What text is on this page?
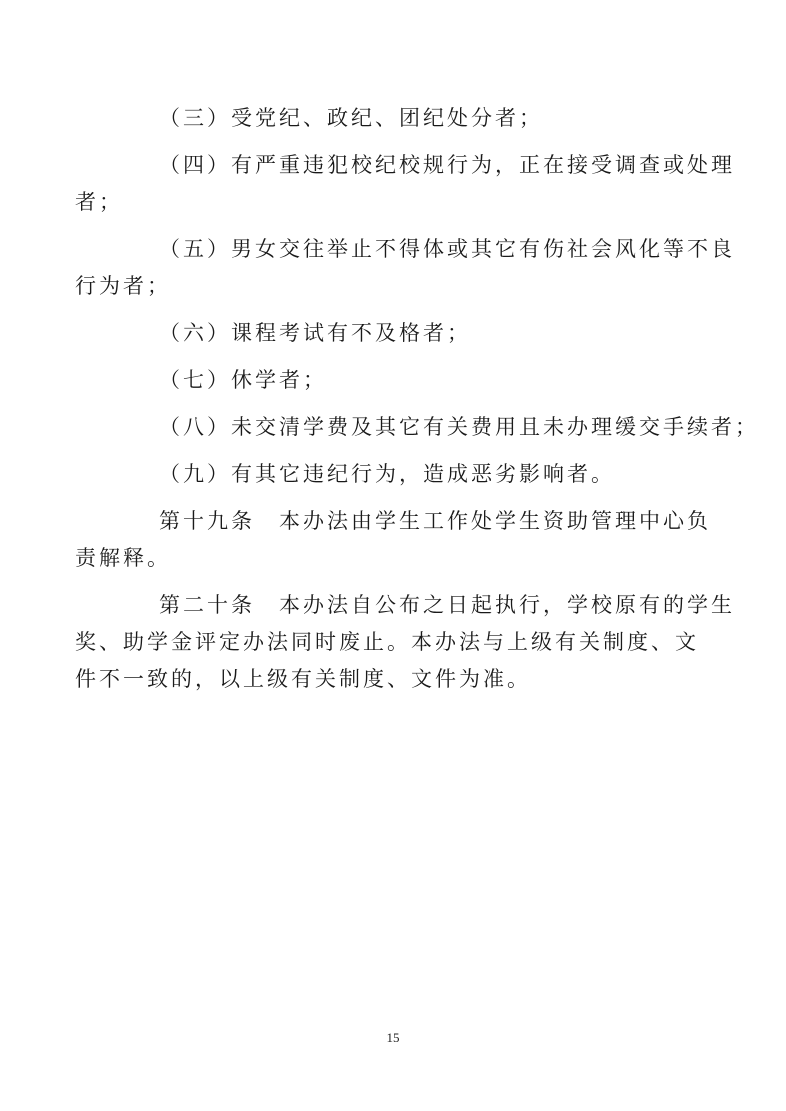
（三）受党纪、政纪、团纪处分者；

（四）有严重违犯校纪校规行为，正在接受调查或处理
者；

（五）男女交往举止不得体或其它有伤社会风化等不良
行为者；

（六）课程考试有不及格者；

（七）休学者；

（八）未交清学费及其它有关费用且未办理缓交手续者；

（九）有其它违纪行为，造成恶劣影响者。

第十九条　本办法由学生工作处学生资助管理中心负
责解释。

第二十条　本办法自公布之日起执行，学校原有的学生
奖、助学金评定办法同时废止。本办法与上级有关制度、文
件不一致的，以上级有关制度、文件为准。

15
